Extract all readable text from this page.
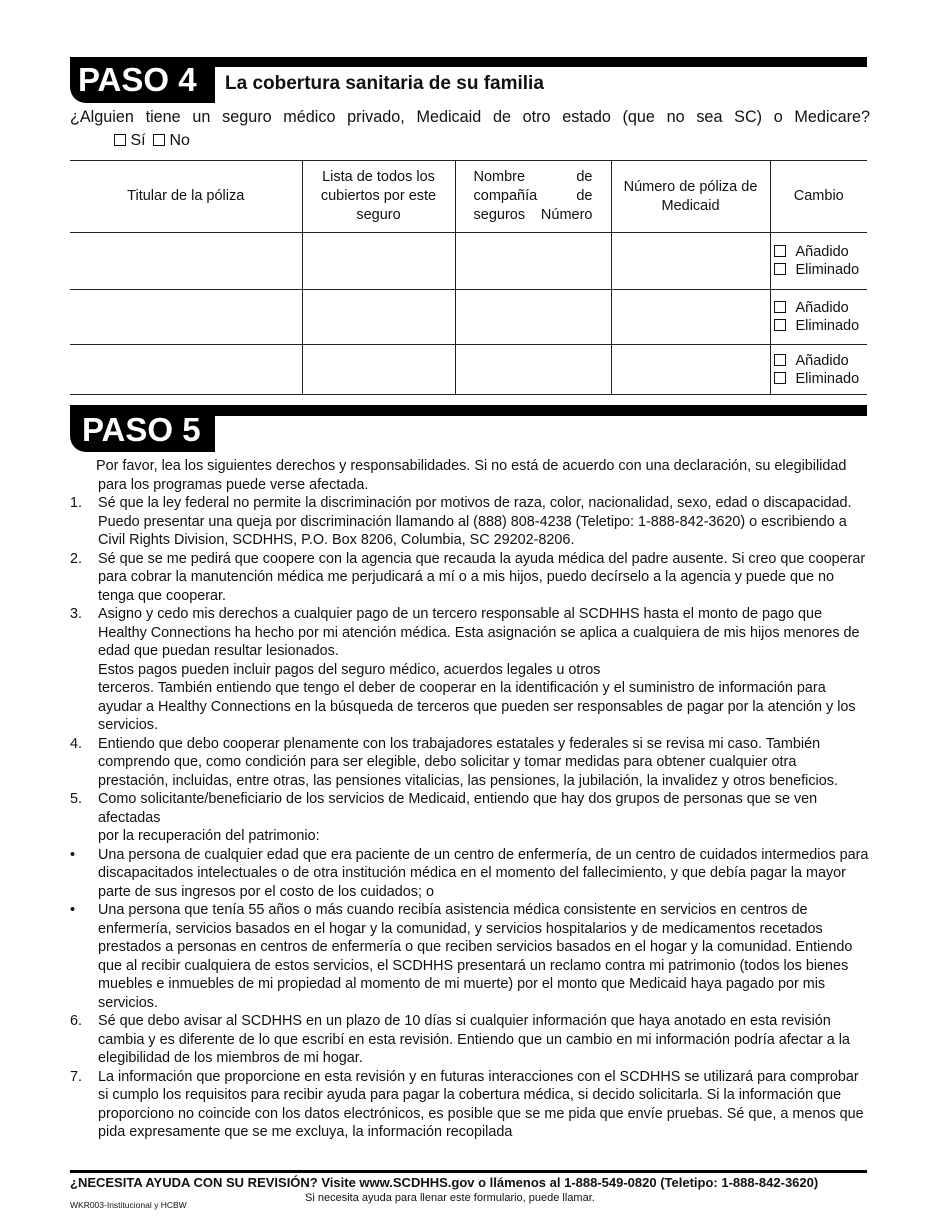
PASO 4	La cobertura sanitaria de su familia
¿Alguien tiene un seguro médico privado, Medicaid de otro estado (que no sea SC) o Medicare?
Sí No
Titular de la póliza	Lista de todos los cubiertos por este seguro	Nombre de compañía de seguros Número	Número de póliza de Medicaid	Cambio

				Añadido
Eliminado

				Añadido
Eliminado

				Añadido
Eliminado
PASO 5

Por favor, lea los siguientes derechos y responsabilidades. Si no está de acuerdo con una declaración, su elegibilidad para los programas puede verse afectada.

1. Sé que la ley federal no permite la discriminación por motivos de raza, color, nacionalidad, sexo, edad o discapacidad. Puedo presentar una queja por discriminación llamando al (888) 808-4238 (Teletipo: 1-888-842-3620) o escribiendo a Civil Rights Division, SCDHHS, P.O. Box 8206, Columbia, SC 29202-8206.

2. Sé que se me pedirá que coopere con la agencia que recauda la ayuda médica del padre ausente. Si creo que cooperar para cobrar la manutención médica me perjudicará a mí o a mis hijos, puedo decírselo a la agencia y puede que no tenga que cooperar.

3. Asigno y cedo mis derechos a cualquier pago de un tercero responsable al SCDHHS hasta el monto de pago que Healthy Connections ha hecho por mi atención médica. Esta asignación se aplica a cualquiera de mis hijos menores de edad que puedan resultar lesionados.

Estos pagos pueden incluir pagos del seguro médico, acuerdos legales u otros

terceros. También entiendo que tengo el deber de cooperar en la identificación y el suministro de información para ayudar a Healthy Connections en la búsqueda de terceros que pueden ser responsables de pagar por la atención y los servicios.

4. Entiendo que debo cooperar plenamente con los trabajadores estatales y federales si se revisa mi caso. También comprendo que, como condición para ser elegible, debo solicitar y tomar medidas para obtener cualquier otra prestación, incluidas, entre otras, las pensiones vitalicias, las pensiones, la jubilación, la invalidez y otros beneficios.

5. Como solicitante/beneficiario de los servicios de Medicaid, entiendo que hay dos grupos de personas que se ven afectadas

por la recuperación del patrimonio:

• Una persona de cualquier edad que era paciente de un centro de enfermería, de un centro de cuidados intermedios para discapacitados intelectuales o de otra institución médica en el momento del fallecimiento, y que debía pagar la mayor parte de sus ingresos por el costo de los cuidados; o

• Una persona que tenía 55 años o más cuando recibía asistencia médica consistente en servicios en centros de enfermería, servicios basados en el hogar y la comunidad, y servicios hospitalarios y de medicamentos recetados prestados a personas en centros de enfermería o que reciben servicios basados en el hogar y la comunidad. Entiendo que al recibir cualquiera de estos servicios, el SCDHHS presentará un reclamo contra mi patrimonio (todos los bienes muebles e inmuebles de mi propiedad al momento de mi muerte) por el monto que Medicaid haya pagado por mis servicios.

6. Sé que debo avisar al SCDHHS en un plazo de 10 días si cualquier información que haya anotado en esta revisión cambia y es diferente de lo que escribí en esta revisión. Entiendo que un cambio en mi información podría afectar a la elegibilidad de los miembros de mi hogar.

7. La información que proporcione en esta revisión y en futuras interacciones con el SCDHHS se utilizará para comprobar si cumplo los requisitos para recibir ayuda para pagar la cobertura médica, si decido solicitarla. Si la información que proporciono no coincide con los datos electrónicos, es posible que se me pida que envíe pruebas. Sé que, a menos que pida expresamente que se me excluya, la información recopilada

¿NECESITA AYUDA CON SU REVISIÓN? Visite www.SCDHHS.gov o llámenos al 1-888-549-0820 (Teletipo: 1-888-842-3620)
Si necesita ayuda para llenar este formulario, puede llamar.
WKR003-Institucional y HCBW
